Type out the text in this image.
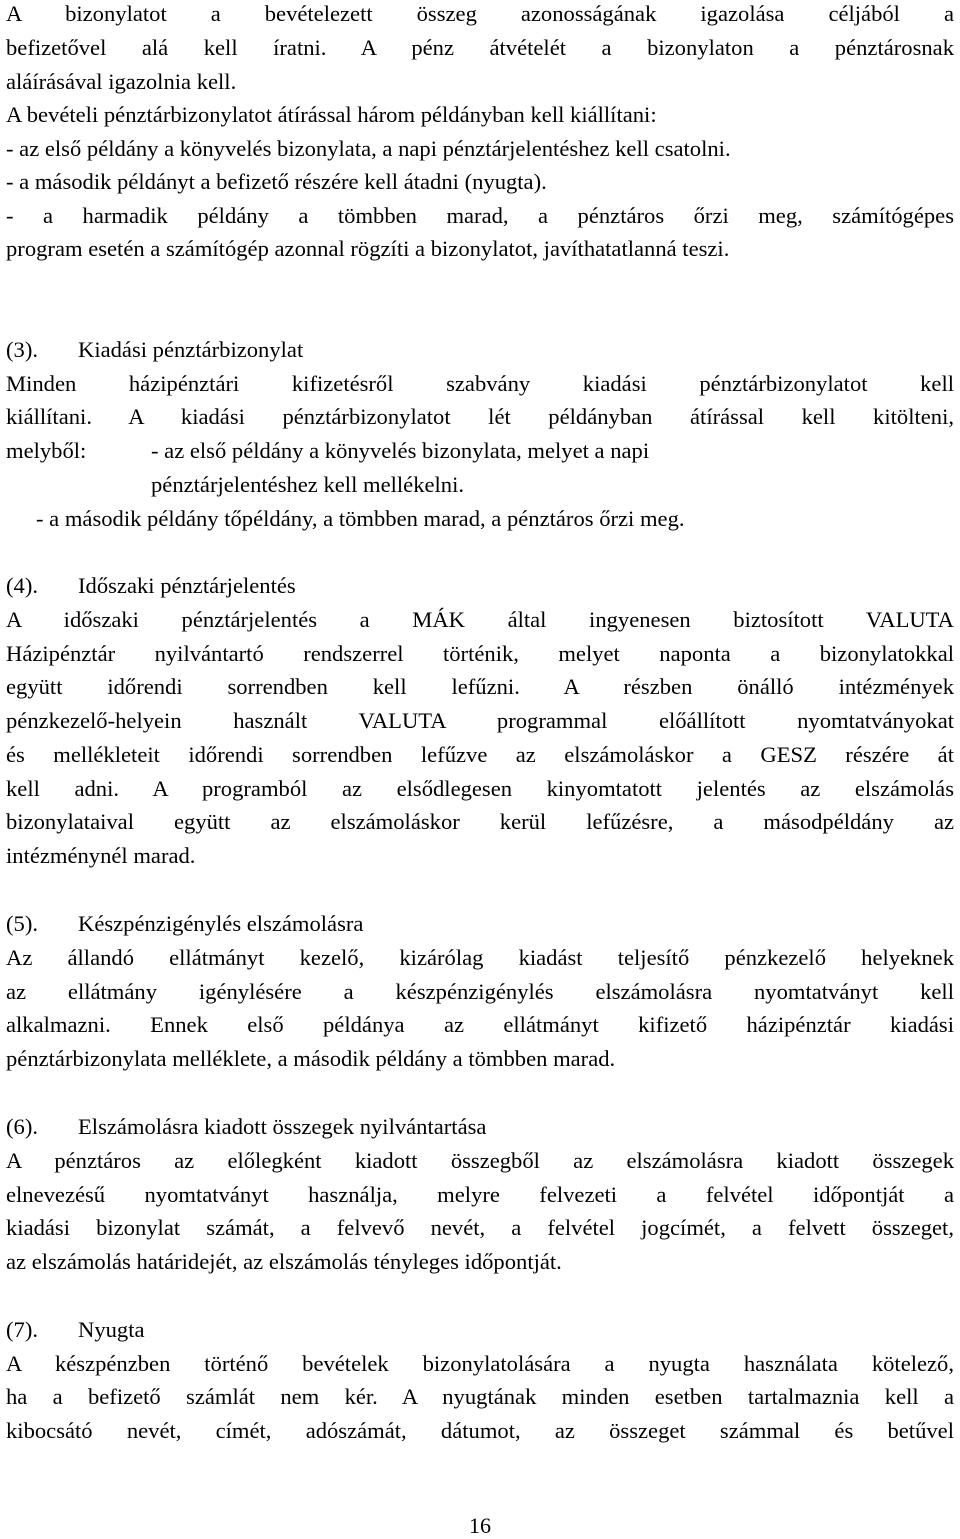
A bizonylatot a bevételezett összeg azonosságának igazolása céljából a
befizetővel alá kell íratni. A pénz átvételét a bizonylaton a pénztárosnak
aláírásával igazolnia kell.
A bevételi pénztárbizonylatot átírással három példányban kell kiállítani:
- az első példány a könyvelés bizonylata, a napi pénztárjelentéshez kell csatolni.
- a második példányt a befizető részére kell átadni (nyugta).
- a harmadik példány a tömbben marad, a pénztáros őrzi meg, számítógépes
program esetén a számítógép azonnal rögzíti a bizonylatot, javíthatatlanná teszi.
(3). Kiadási pénztárbizonylat
Minden házipénztári kifizetésről szabvány kiadási pénztárbizonylatot kell
kiállítani. A kiadási pénztárbizonylatot lét példányban átírással kell kitölteni,
melyből:	- az első példány a könyvelés bizonylata, melyet a napi
pénztárjelentéshez kell mellékelni.
- a második példány tőpéldány, a tömbben marad, a pénztáros őrzi meg.
(4). Időszaki pénztárjelentés
A időszaki pénztárjelentés a MÁK által ingyenesen biztosított VALUTA
Házipénztár nyilvántartó rendszerrel történik, melyet naponta a bizonylatokkal
együtt időrendi sorrendben kell lefűzni. A részben önálló intézmények
pénzkezelő-helyein használt VALUTA programmal előállított nyomtatványokat
és mellékleteit időrendi sorrendben lefűzve az elszámoláskor a GESZ részére át
kell adni. A programból az elsődlegesen kinyomtatott jelentés az elszámolás
bizonylataival együtt az elszámoláskor kerül lefűzésre, a másodpéldány az
intézménynél marad.
(5). Készpénzigénylés elszámolásra
Az állandó ellátmányt kezelő, kizárólag kiadást teljesítő pénzkezelő helyeknek
az ellátmány igénylésére a készpénzigénylés elszámolásra nyomtatványt kell
alkalmazni. Ennek első példánya az ellátmányt kifizető házipénztár kiadási
pénztárbizonylata melléklete, a második példány a tömbben marad.
(6). Elszámolásra kiadott összegek nyilvántartása
A pénztáros az előlegként kiadott összegből az elszámolásra kiadott összegek
elnevezésű nyomtatványt használja, melyre felvezeti a felvétel időpontját a
kiadási bizonylat számát, a felvevő nevét, a felvétel jogcímét, a felvett összeget,
az elszámolás határidejét, az elszámolás tényleges időpontját.
(7). Nyugta
A készpénzben történő bevételek bizonylatolására a nyugta használata kötelező,
ha a befizető számlát nem kér. A nyugtának minden esetben tartalmaznia kell a
kibocsátó nevét, címét, adószámát, dátumot, az összeget számmal és betűvel
16
